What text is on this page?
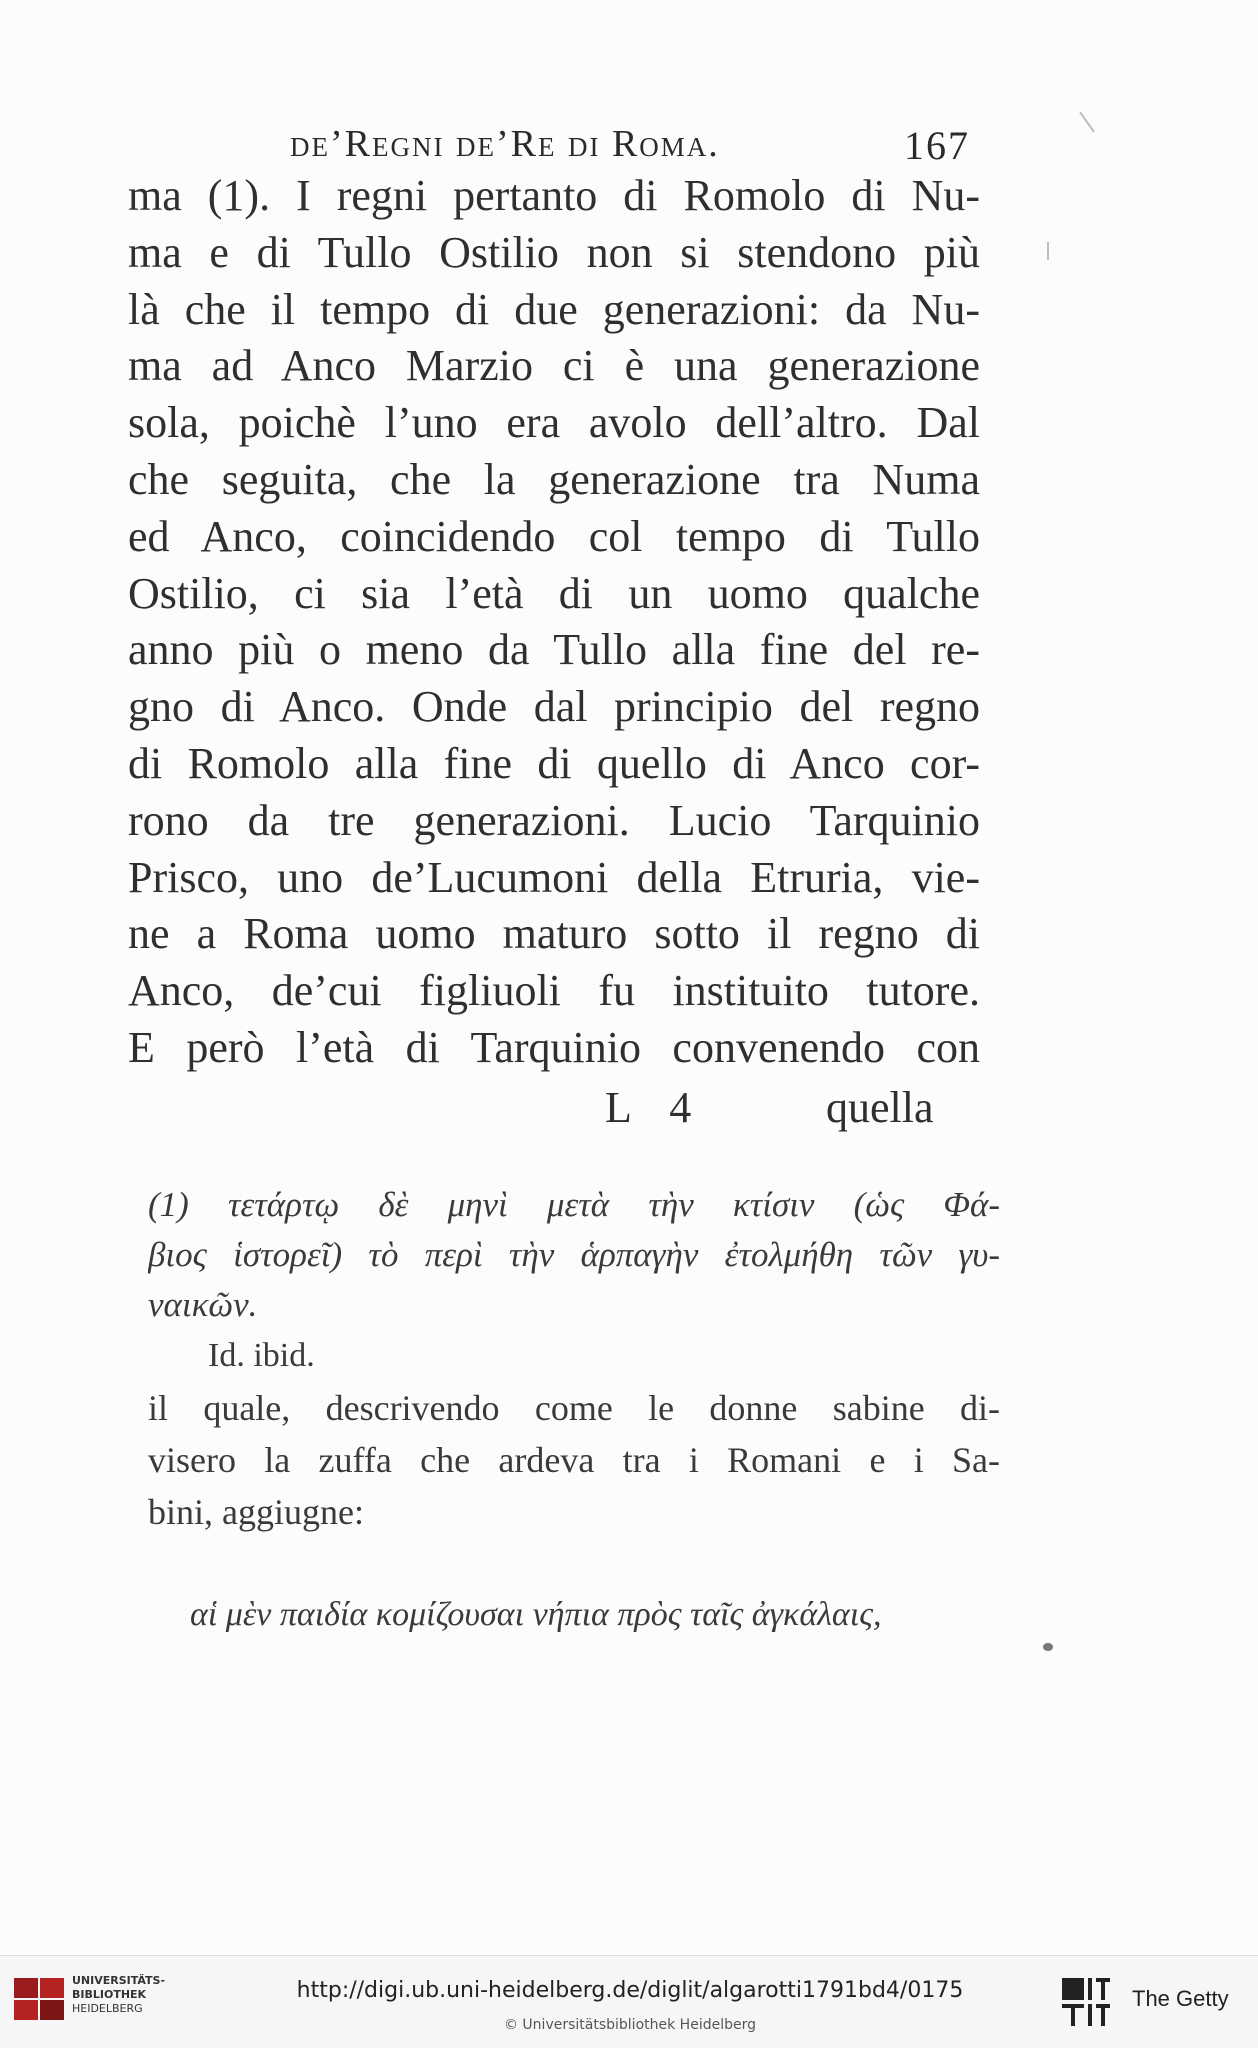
de’Regni de’Re di Roma.	167
ma (1). I regni pertanto di Romolo di Nu-
ma e di Tullo Ostilio non si stendono più
là che il tempo di due generazioni: da Nu-
ma ad Anco Marzio ci è una generazione
sola, poichè l’uno era avolo dell’altro. Dal
che seguita, che la generazione tra Numa
ed Anco, coincidendo col tempo di Tullo
Ostilio, ci sia l’età di un uomo qualche
anno più o meno da Tullo alla fine del re-
gno di Anco. Onde dal principio del regno
di Romolo alla fine di quello di Anco cor-
rono da tre generazioni. Lucio Tarquinio
Prisco, uno de’Lucumoni della Etruria, vie-
ne a Roma uomo maturo sotto il regno di
Anco, de’cui figliuoli fu instituito tutore.
E però l’età di Tarquinio convenendo con
L 4	quella
(1) τετάρτῳ δὲ μηνὶ μετὰ τὴν κτίσιν (ὡς Φά-
βιος ἱστορεῖ) τὸ περὶ τὴν ἁρπαγὴν ἐτολμήθη τῶν γυ-
ναικῶν.
Id. ibid.
il quale, descrivendo come le donne sabine di-
visero la zuffa che ardeva tra i Romani e i Sa-
bini, aggiugne:
αἱ μὲν παιδία κομίζουσαι νήπια πρὸς ταῖς ἀγκάλαις,
UNIVERSITÄTS-
BIBLIOTHEK
HEIDELBERG
http://digi.ub.uni-heidelberg.de/diglit/algarotti1791bd4/0175
© Universitätsbibliothek Heidelberg
The Getty
